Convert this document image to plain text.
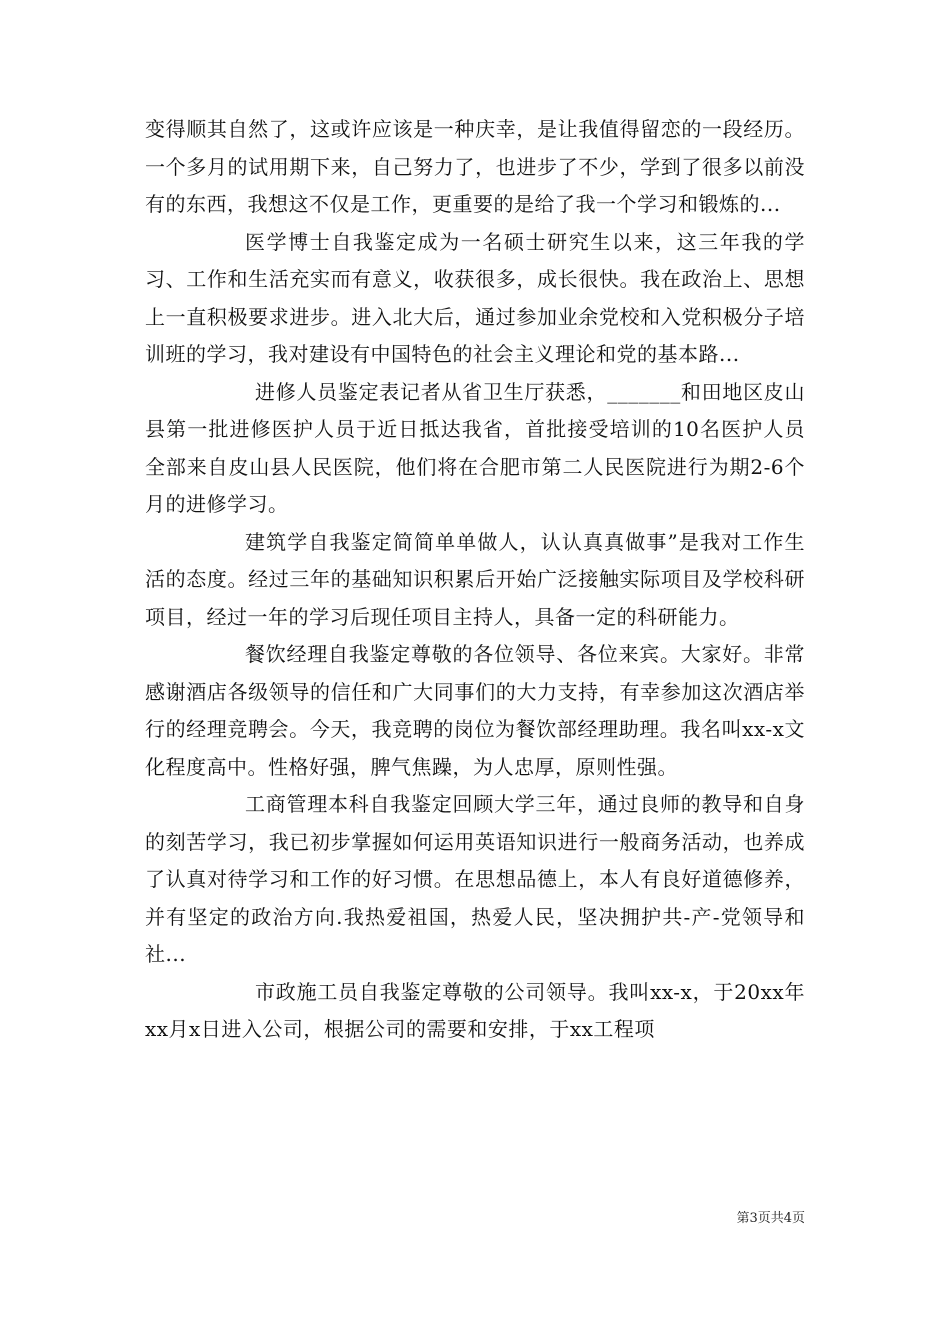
变得顺其自然了，这或许应该是一种庆幸，是让我值得留恋的一段经历。一个多月的试用期下来，自己努力了，也进步了不少，学到了很多以前没有的东西，我想这不仅是工作，更重要的是给了我一个学习和锻炼的...

医学博士自我鉴定成为一名硕士研究生以来，这三年我的学习、工作和生活充实而有意义，收获很多，成长很快。我在政治上、思想上一直积极要求进步。进入北大后，通过参加业余党校和入党积极分子培训班的学习，我对建设有中国特色的社会主义理论和党的基本路...

进修人员鉴定表记者从省卫生厅获悉，_______和田地区皮山县第一批进修医护人员于近日抵达我省，首批接受培训的10名医护人员全部来自皮山县人民医院，他们将在合肥市第二人民医院进行为期2-6个月的进修学习。

建筑学自我鉴定简简单单做人，认认真真做事”是我对工作生活的态度。经过三年的基础知识积累后开始广泛接触实际项目及学校科研项目，经过一年的学习后现任项目主持人，具备一定的科研能力。

餐饮经理自我鉴定尊敬的各位领导、各位来宾。大家好。非常感谢酒店各级领导的信任和广大同事们的大力支持，有幸参加这次酒店举行的经理竞聘会。今天，我竞聘的岗位为餐饮部经理助理。我名叫xx-x文化程度高中。性格好强，脾气焦躁，为人忠厚，原则性强。

工商管理本科自我鉴定回顾大学三年，通过良师的教导和自身的刻苦学习，我已初步掌握如何运用英语知识进行一般商务活动，也养成了认真对待学习和工作的好习惯。在思想品德上，本人有良好道德修养，并有坚定的政治方向.我热爱祖国，热爱人民，坚决拥护共-产-党领导和社...

市政施工员自我鉴定尊敬的公司领导。我叫xx-x，于20xx年xx月x日进入公司，根据公司的需要和安排，于xx工程项

第3页共4页
